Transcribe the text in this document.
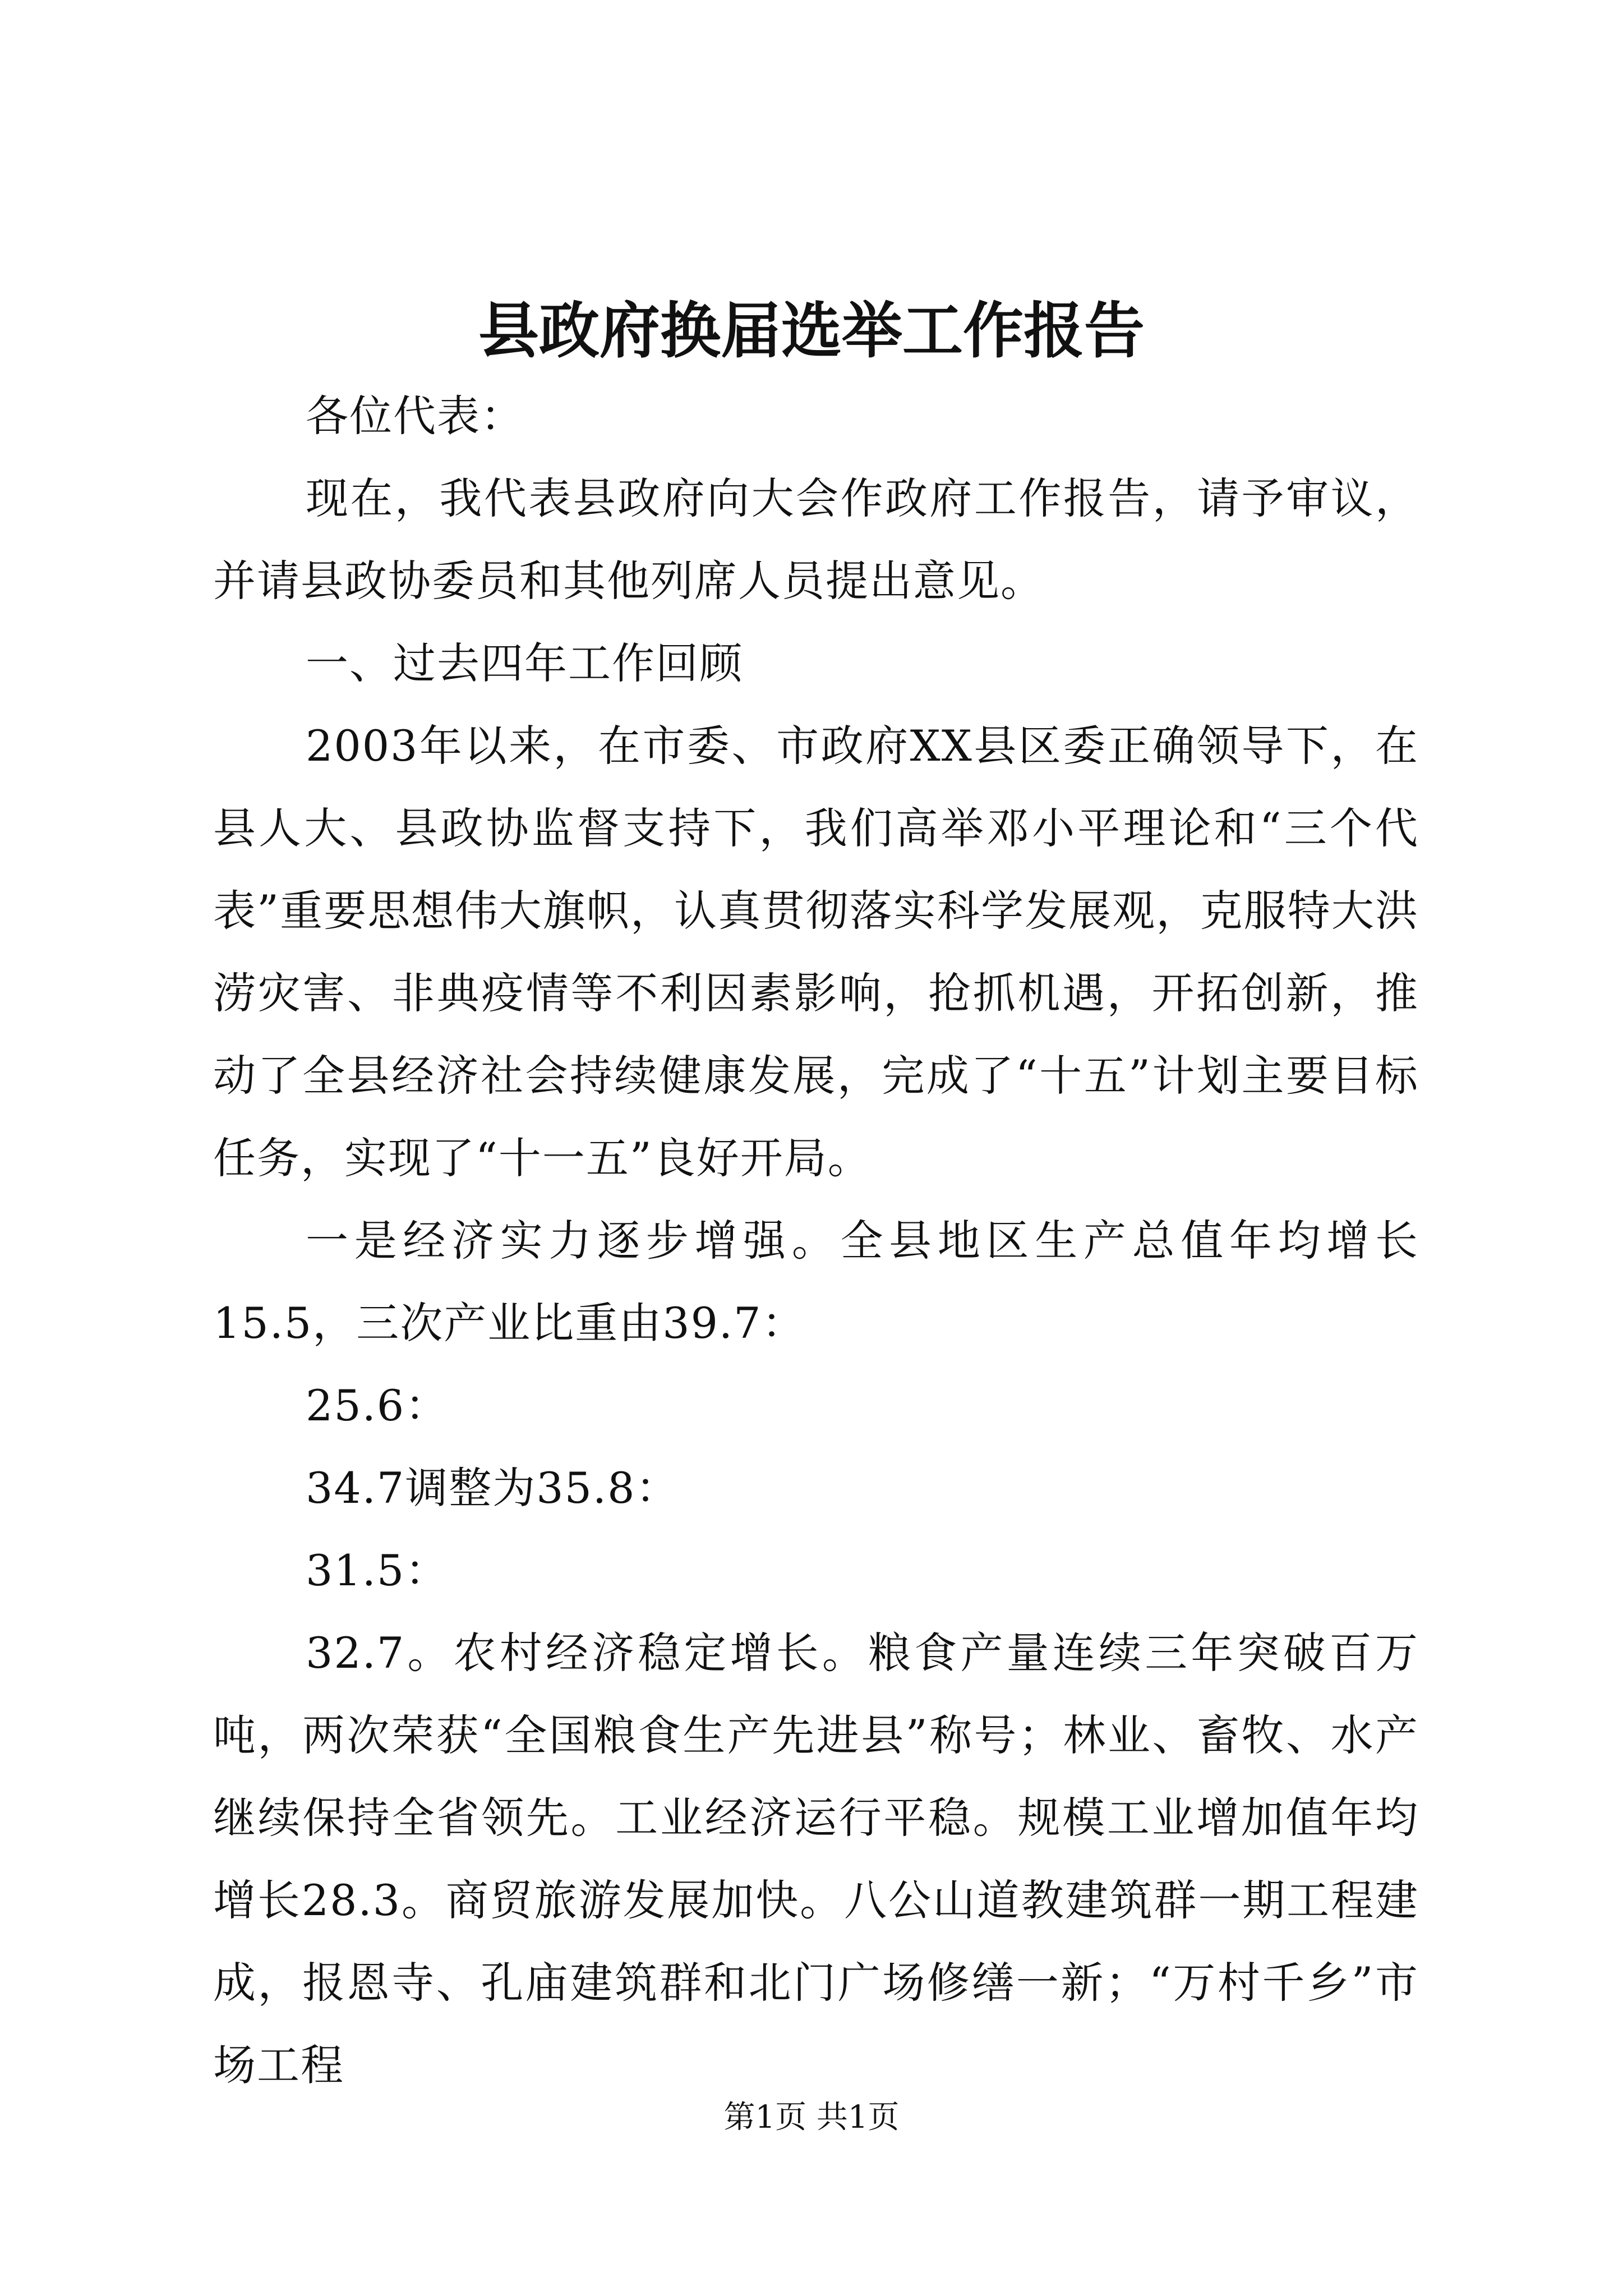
县政府换届选举工作报告

各位代表：

现在，我代表县政府向大会作政府工作报告，请予审议，并请县政协委员和其他列席人员提出意见。

一、过去四年工作回顾

2003年以来，在市委、市政府XX县区委正确领导下，在县人大、县政协监督支持下，我们高举邓小平理论和“三个代表”重要思想伟大旗帜，认真贯彻落实科学发展观，克服特大洪涝灾害、非典疫情等不利因素影响，抢抓机遇，开拓创新，推动了全县经济社会持续健康发展，完成了“十五”计划主要目标任务，实现了“十一五”良好开局。

一是经济实力逐步增强。全县地区生产总值年均增长15.5，三次产业比重由39.7：

25.6：

34.7调整为35.8：

31.5：

32.7。农村经济稳定增长。粮食产量连续三年突破百万吨，两次荣获“全国粮食生产先进县”称号；林业、畜牧、水产继续保持全省领先。工业经济运行平稳。规模工业增加值年均增长28.3。商贸旅游发展加快。八公山道教建筑群一期工程建成，报恩寺、孔庙建筑群和北门广场修缮一新；“万村千乡”市场工程

第1页 共1页
